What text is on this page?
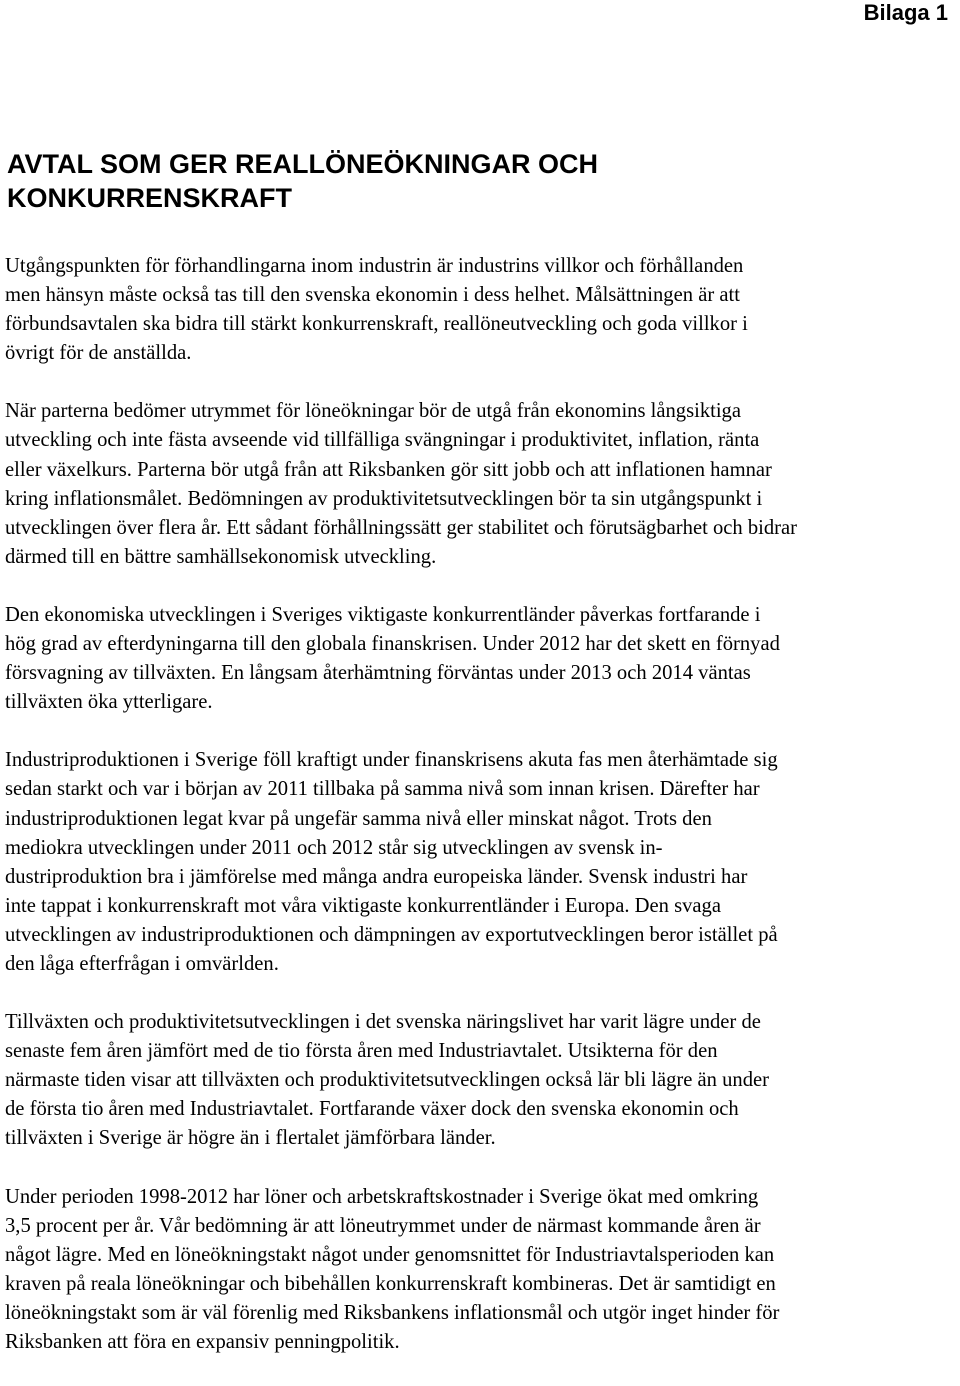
Bilaga 1
AVTAL SOM GER REALLÖNEÖKNINGAR OCH
KONKURRENSKRAFT

Utgångspunkten för förhandlingarna inom industrin är industrins villkor och förhållanden
men hänsyn måste också tas till den svenska ekonomin i dess helhet. Målsättningen är att
förbundsavtalen ska bidra till stärkt konkurrenskraft, reallöneutveckling och goda villkor i
övrigt för de anställda.

När parterna bedömer utrymmet för löneökningar bör de utgå från ekonomins långsiktiga
utveckling och inte fästa avseende vid tillfälliga svängningar i produktivitet, inflation, ränta
eller växelkurs. Parterna bör utgå från att Riksbanken gör sitt jobb och att inflationen hamnar
kring inflationsmålet. Bedömningen av produktivitetsutvecklingen bör ta sin utgångspunkt i
utvecklingen över flera år. Ett sådant förhållningssätt ger stabilitet och förutsägbarhet och bidrar
därmed till en bättre samhällsekonomisk utveckling.

Den ekonomiska utvecklingen i Sveriges viktigaste konkurrentländer påverkas fortfarande i
hög grad av efterdyningarna till den globala finanskrisen. Under 2012 har det skett en förnyad
försvagning av tillväxten. En långsam återhämtning förväntas under 2013 och 2014 väntas
tillväxten öka ytterligare.

Industriproduktionen i Sverige föll kraftigt under finanskrisens akuta fas men återhämtade sig
sedan starkt och var i början av 2011 tillbaka på samma nivå som innan krisen. Därefter har
industriproduktionen legat kvar på ungefär samma nivå eller minskat något. Trots den
mediokra utvecklingen under 2011 och 2012 står sig utvecklingen av svensk in-
dustriproduktion bra i jämförelse med många andra europeiska länder. Svensk industri har
inte tappat i konkurrenskraft mot våra viktigaste konkurrentländer i Europa. Den svaga
utvecklingen av industriproduktionen och dämpningen av exportutvecklingen beror istället på
den låga efterfrågan i omvärlden.

Tillväxten och produktivitetsutvecklingen i det svenska näringslivet har varit lägre under de
senaste fem åren jämfört med de tio första åren med Industriavtalet. Utsikterna för den
närmaste tiden visar att tillväxten och produktivitetsutvecklingen också lär bli lägre än under
de första tio åren med Industriavtalet. Fortfarande växer dock den svenska ekonomin och
tillväxten i Sverige är högre än i flertalet jämförbara länder.

Under perioden 1998-2012 har löner och arbetskraftskostnader i Sverige ökat med omkring
3,5 procent per år. Vår bedömning är att löneutrymmet under de närmast kommande åren är
något lägre. Med en löneökningstakt något under genomsnittet för Industriavtalsperioden kan
kraven på reala löneökningar och bibehållen konkurrenskraft kombineras. Det är samtidigt en
löneökningstakt som är väl förenlig med Riksbankens inflationsmål och utgör inget hinder för
Riksbanken att föra en expansiv penningpolitik.
